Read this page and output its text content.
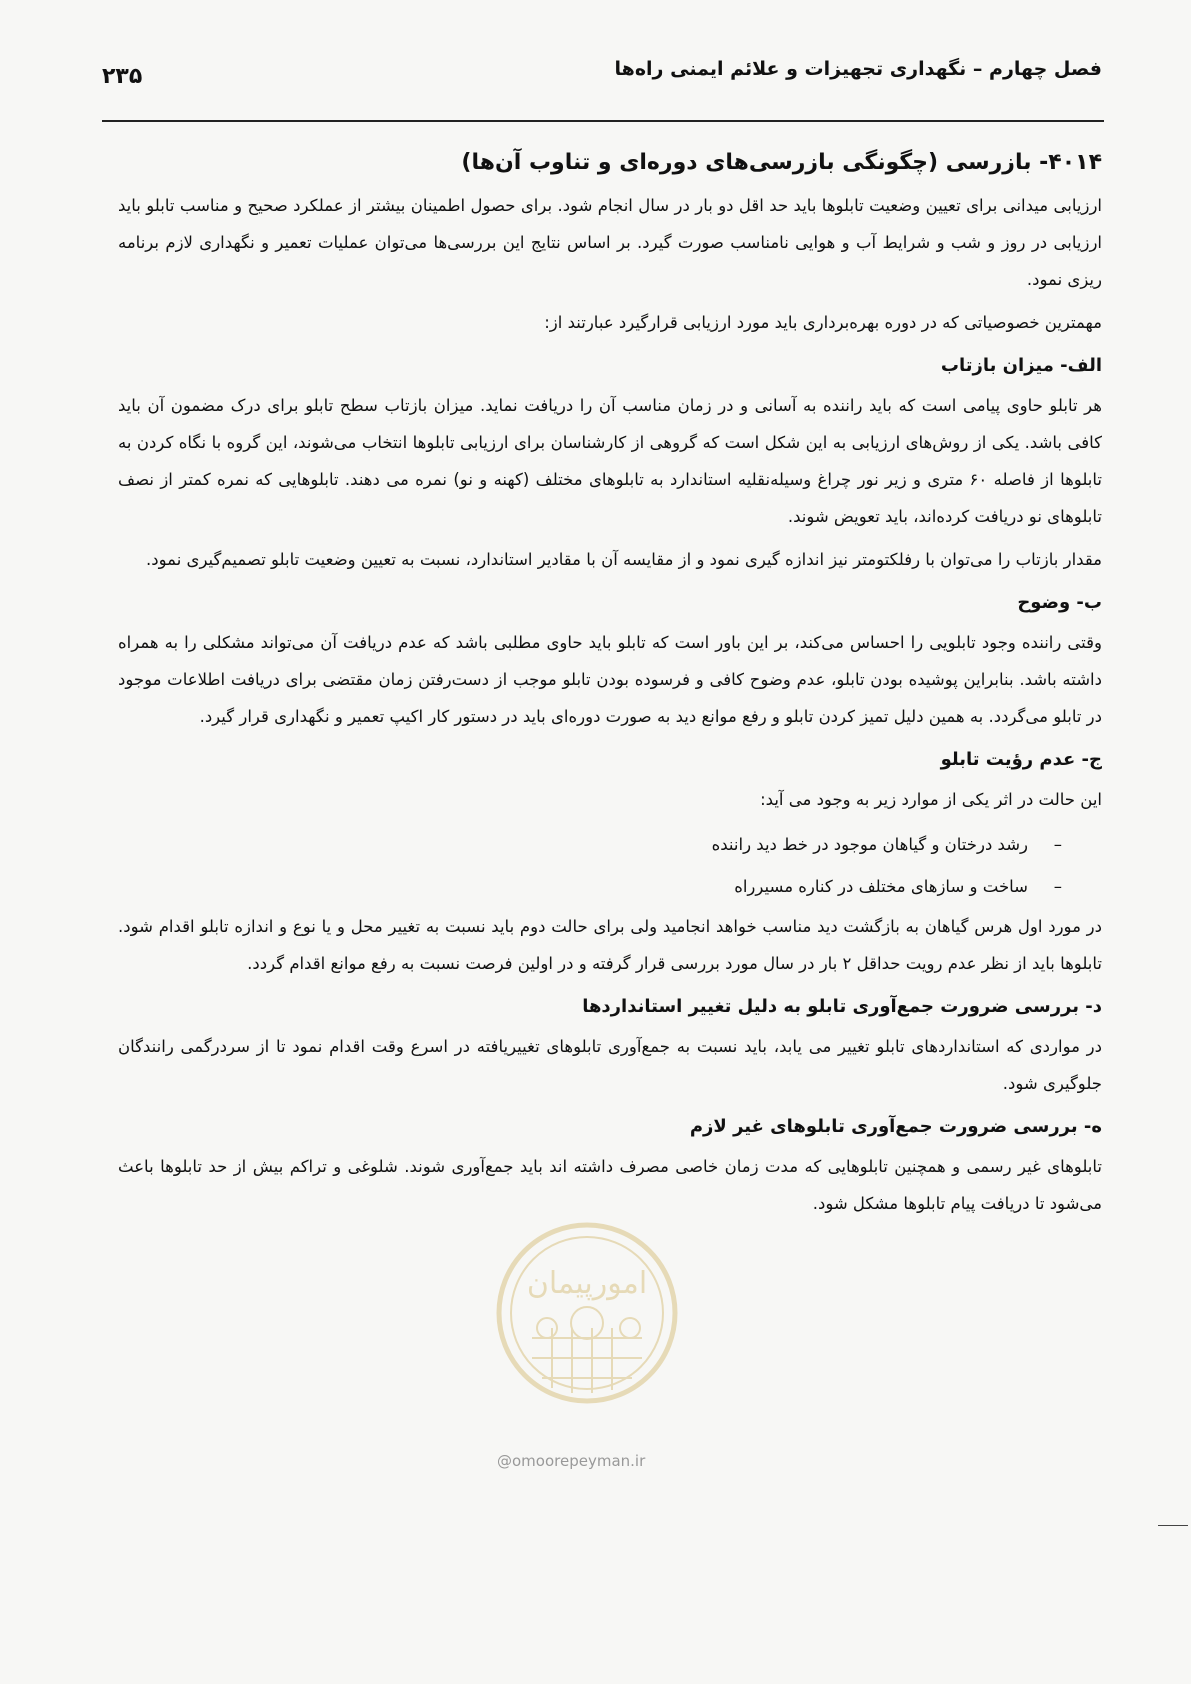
فصل چهارم – نگهداری تجهیزات و علائم ایمنی راه‌ها
۲۳۵
۴۰۱۴- بازرسی (چگونگی بازرسی‌های دوره‌ای و تناوب آن‌ها)

ارزیابی میدانی برای تعیین وضعیت تابلوها باید حد اقل دو بار در سال انجام شود. برای حصول اطمینان بیشتر از عملکرد صحیح و مناسب تابلو باید ارزیابی در روز و شب و شرایط آب و هوایی نامناسب صورت گیرد. بر اساس نتایج این بررسی‌ها می‌توان عملیات تعمیر و نگهداری لازم برنامه ریزی نمود.

مهمترین خصوصیاتی که در دوره بهره‌برداری باید مورد ارزیابی قرارگیرد عبارتند از:

الف- میزان بازتاب

هر تابلو حاوی پیامی است که باید راننده به آسانی و در زمان مناسب آن را دریافت نماید. میزان بازتاب سطح تابلو برای درک مضمون آن باید کافی باشد. یکی از روش‌های ارزیابی به این شکل است که گروهی از کارشناسان برای ارزیابی تابلوها انتخاب می‌شوند، این گروه با نگاه کردن به تابلوها از فاصله ۶۰ متری و زیر نور چراغ وسیله‌نقلیه استاندارد به تابلوهای مختلف (کهنه و نو) نمره می دهند. تابلوهایی که نمره کمتر از نصف تابلوهای نو دریافت کرده‌اند، باید تعویض شوند.

مقدار بازتاب را می‌توان با رفلکتومتر نیز اندازه گیری نمود و از مقایسه آن با مقادیر استاندارد، نسبت به تعیین وضعیت تابلو تصمیم‌گیری نمود.

ب- وضوح

وقتی راننده وجود تابلویی را احساس می‌کند، بر این باور است که تابلو باید حاوی مطلبی باشد که عدم دریافت آن می‌تواند مشکلی را به همراه داشته باشد. بنابراین پوشیده بودن تابلو، عدم وضوح کافی و فرسوده بودن تابلو موجب از دست‌رفتن زمان مقتضی برای دریافت اطلاعات موجود در تابلو می‌گردد. به همین دلیل تمیز کردن تابلو و رفع موانع دید به صورت دوره‌ای باید در دستور کار اکیپ تعمیر و نگهداری قرار گیرد.

ج- عدم رؤیت تابلو

این حالت در اثر یکی از موارد زیر به وجود می آید:

–رشد درختان و گیاهان موجود در خط دید راننده
–ساخت و سازهای مختلف در کناره مسیرراه

در مورد اول هرس گیاهان به بازگشت دید مناسب خواهد انجامید ولی برای حالت دوم باید نسبت به تغییر محل و یا نوع و اندازه تابلو اقدام شود. تابلوها باید از نظر عدم رویت حداقل ۲ بار در سال مورد بررسی قرار گرفته و در اولین فرصت نسبت به رفع موانع اقدام گردد.

د- بررسی ضرورت جمع‌آوری تابلو به دلیل تغییر استانداردها

در مواردی که استانداردهای تابلو تغییر می یابد، باید نسبت به جمع‌آوری تابلوهای تغییریافته در اسرع وقت اقدام نمود تا از سردرگمی رانندگان جلوگیری شود.

ه- بررسی ضرورت جمع‌آوری تابلوهای غیر لازم

تابلوهای غیر رسمی و همچنین تابلوهایی که مدت زمان خاصی مصرف داشته اند باید جمع‌آوری شوند. شلوغی و تراکم بیش از حد تابلوها باعث می‌شود تا دریافت پیام تابلوها مشکل شود.

امورپیمان
@omoorepeyman.ir
